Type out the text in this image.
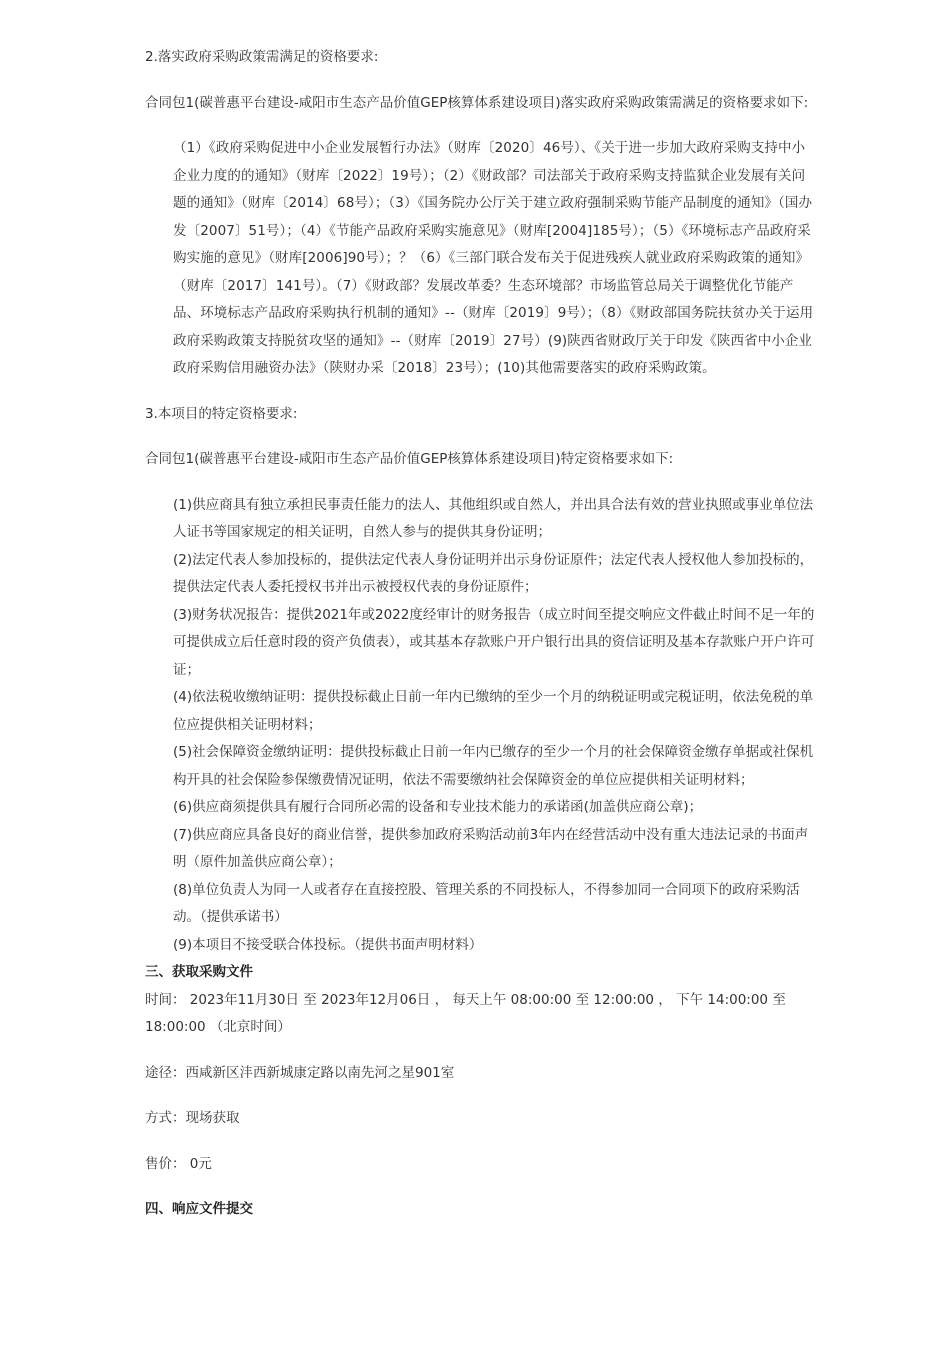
2.落实政府采购政策需满足的资格要求:

合同包1(碳普惠平台建设-咸阳市生态产品价值GEP核算体系建设项目)落实政府采购政策需满足的资格要求如下:

（1）《政府采购促进中小企业发展暂行办法》（财库〔2020〕46号）、《关于进一步加大政府采购支持中小企业力度的的通知》（财库〔2022〕19号）；（2）《财政部？司法部关于政府采购支持监狱企业发展有关问题的通知》（财库〔2014〕68号）；（3）《国务院办公厅关于建立政府强制采购节能产品制度的通知》（国办发〔2007〕51号）；（4）《节能产品政府采购实施意见》（财库[2004]185号）；（5）《环境标志产品政府采购实施的意见》（财库[2006]90号）；？（6）《三部门联合发布关于促进残疾人就业政府采购政策的通知》（财库〔2017〕141号）。（7）《财政部？发展改革委？生态环境部？市场监管总局关于调整优化节能产品、环境标志产品政府采购执行机制的通知》--（财库〔2019〕9号）；（8）《财政部国务院扶贫办关于运用政府采购政策支持脱贫攻坚的通知》--（财库〔2019〕27号）(9)陕西省财政厅关于印发《陕西省中小企业政府采购信用融资办法》（陕财办采〔2018〕23号）；(10)其他需要落实的政府采购政策。

3.本项目的特定资格要求:

合同包1(碳普惠平台建设-咸阳市生态产品价值GEP核算体系建设项目)特定资格要求如下:

(1)供应商具有独立承担民事责任能力的法人、其他组织或自然人，并出具合法有效的营业执照或事业单位法人证书等国家规定的相关证明，自然人参与的提供其身份证明；
(2)法定代表人参加投标的，提供法定代表人身份证明并出示身份证原件；法定代表人授权他人参加投标的，提供法定代表人委托授权书并出示被授权代表的身份证原件；
(3)财务状况报告：提供2021年或2022度经审计的财务报告（成立时间至提交响应文件截止时间不足一年的可提供成立后任意时段的资产负债表），或其基本存款账户开户银行出具的资信证明及基本存款账户开户许可证；
(4)依法税收缴纳证明：提供投标截止日前一年内已缴纳的至少一个月的纳税证明或完税证明，依法免税的单位应提供相关证明材料；
(5)社会保障资金缴纳证明：提供投标截止日前一年内已缴存的至少一个月的社会保障资金缴存单据或社保机构开具的社会保险参保缴费情况证明，依法不需要缴纳社会保障资金的单位应提供相关证明材料；
(6)供应商须提供具有履行合同所必需的设备和专业技术能力的承诺函(加盖供应商公章)；
(7)供应商应具备良好的商业信誉，提供参加政府采购活动前3年内在经营活动中没有重大违法记录的书面声明（原件加盖供应商公章）；
(8)单位负责人为同一人或者存在直接控股、管理关系的不同投标人，不得参加同一合同项下的政府采购活动。（提供承诺书）
(9)本项目不接受联合体投标。（提供书面声明材料）

三、获取采购文件

时间： 2023年11月30日 至 2023年12月06日 ， 每天上午 08:00:00 至 12:00:00 ， 下午 14:00:00 至 18:00:00 （北京时间）

途径：西咸新区沣西新城康定路以南先河之星901室

方式：现场获取

售价： 0元

四、响应文件提交
